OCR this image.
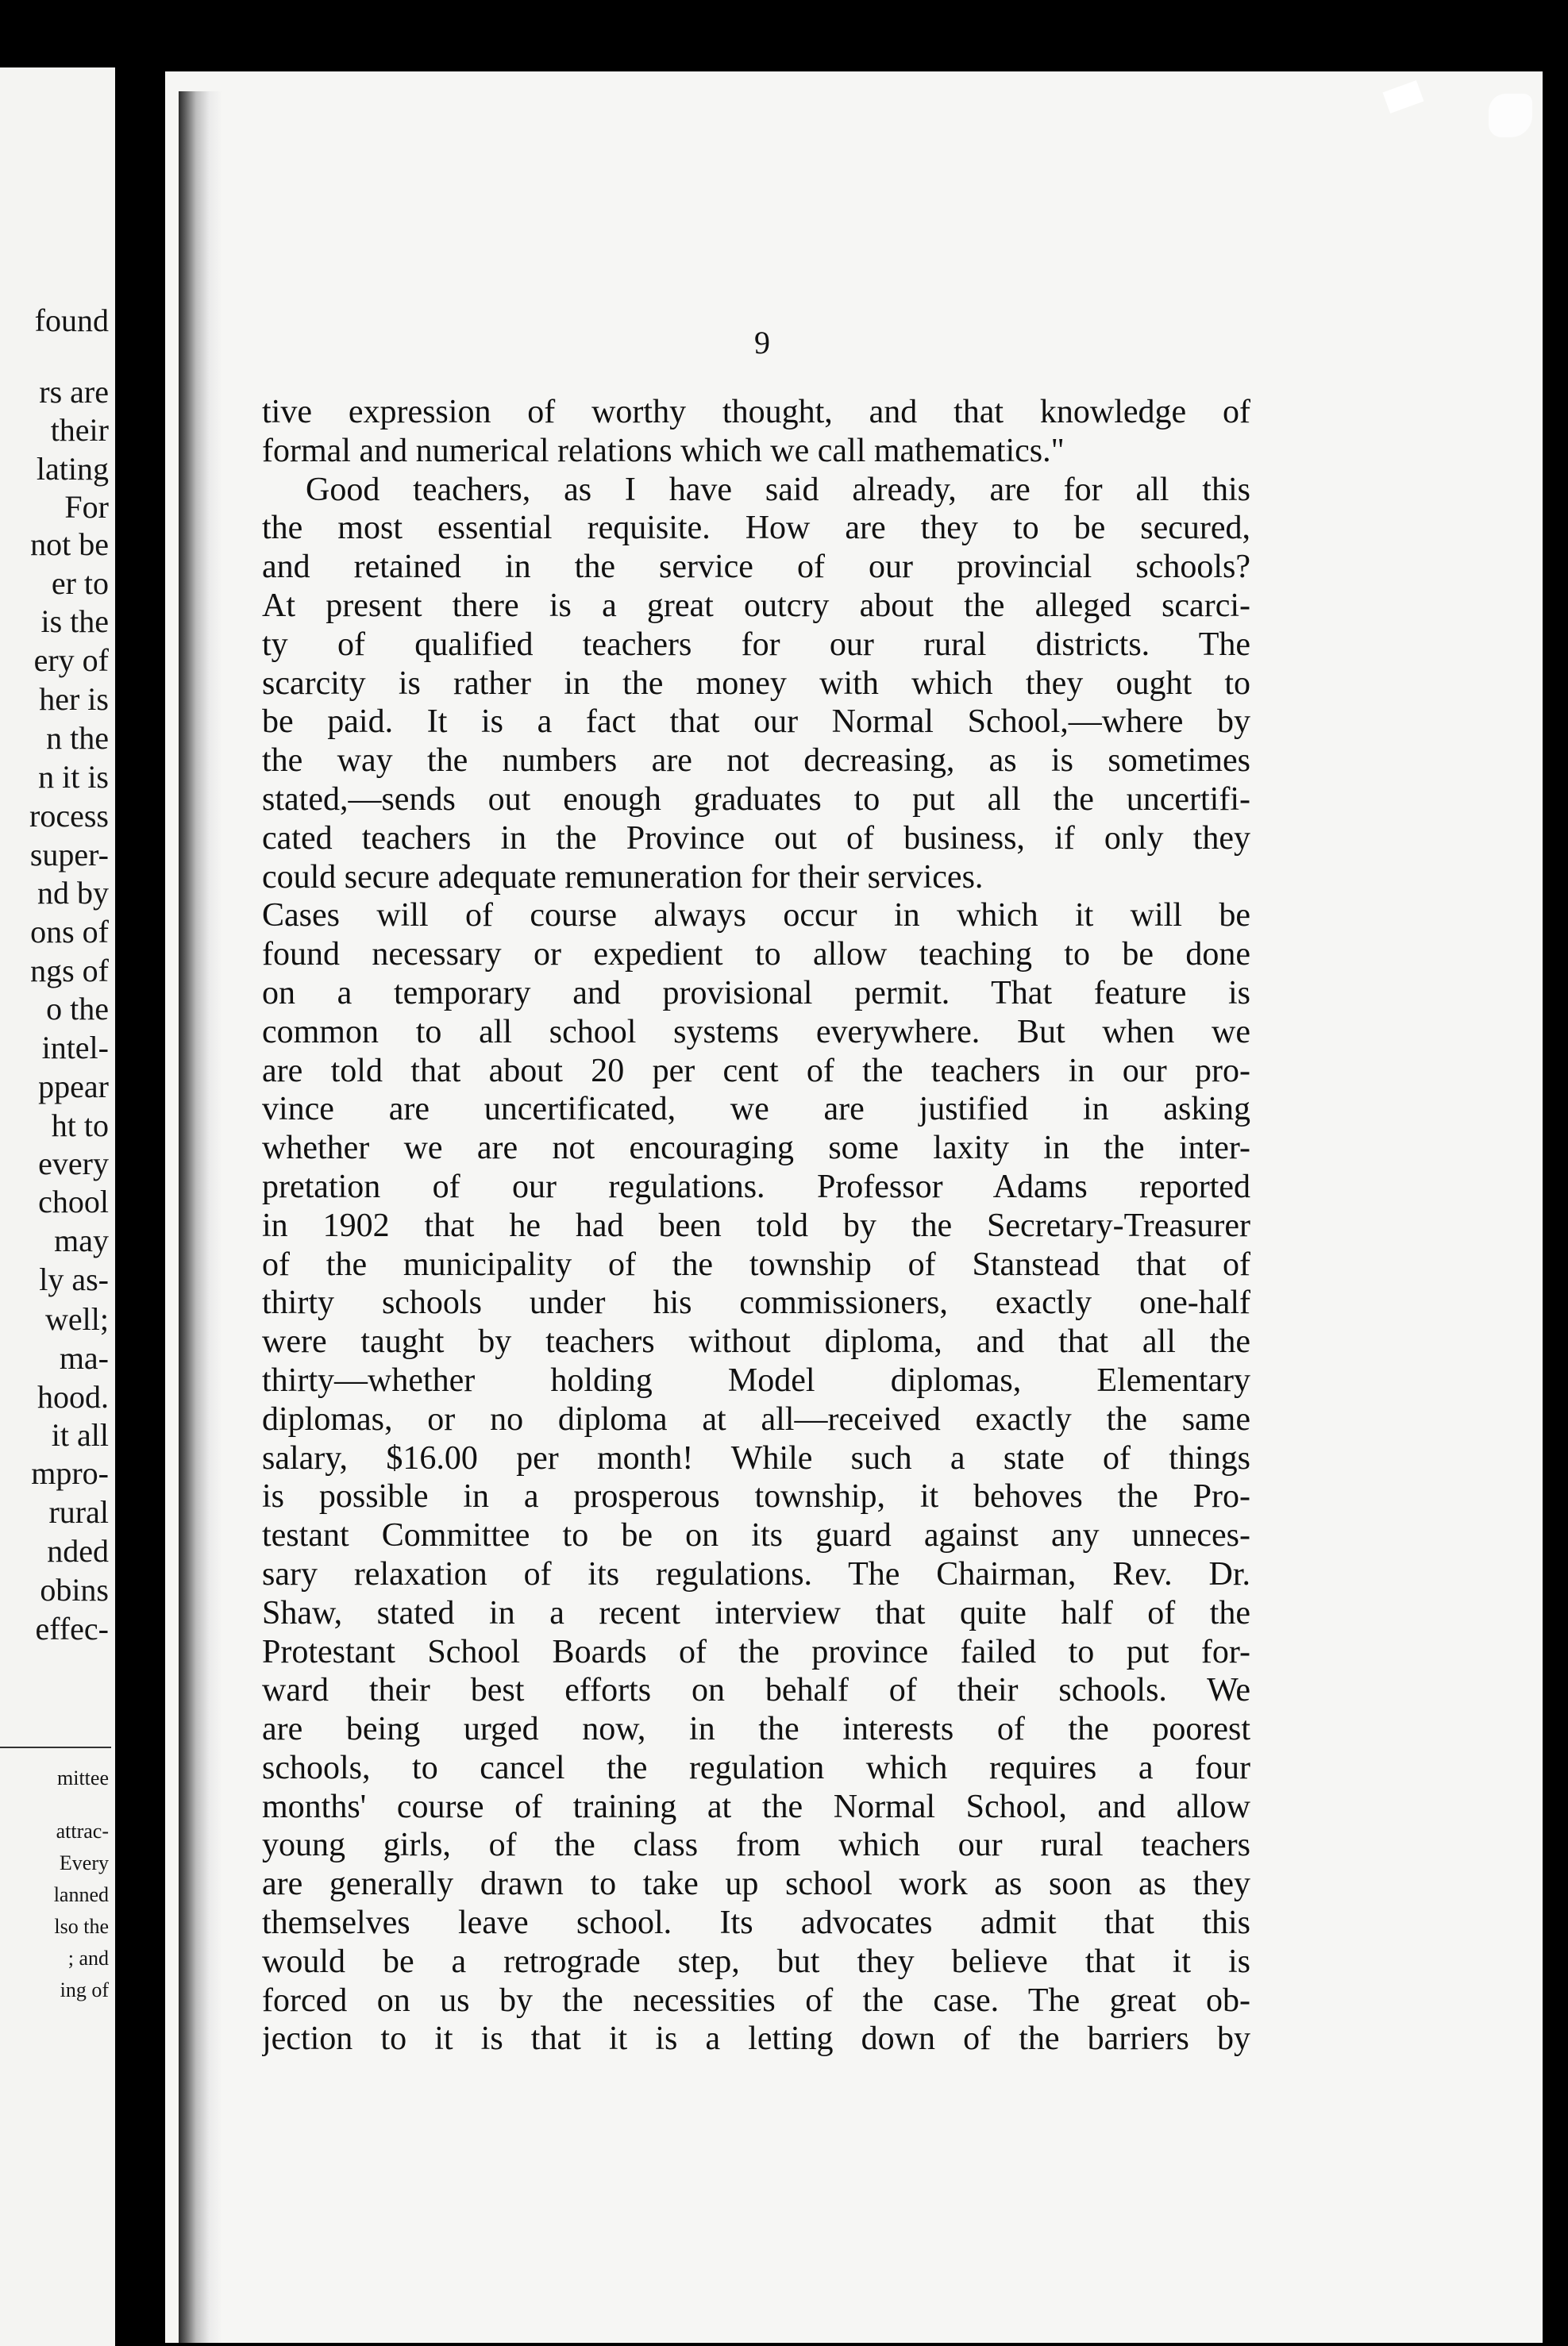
found
rs are
their
lating
For
not be
er to
is the
ery of
her is
n the
n it is
rocess
super-
nd by
ons of
ngs of
o the
intel-
ppear
ht to
every
chool
may
ly as-
well;
ma-
hood.
it all
mpro-
rural
nded
obins
effec-
mittee
attrac-
Every
lanned
lso the
; and
ing of
9
tive expression of worthy thought, and that knowledge of
formal and numerical relations which we call mathematics."
Good teachers, as I have said already, are for all this
the most essential requisite. How are they to be secured,
and retained in the service of our provincial schools?
At present there is a great outcry about the alleged scarci-
ty of qualified teachers for our rural districts. The
scarcity is rather in the money with which they ought to
be paid. It is a fact that our Normal School,—where by
the way the numbers are not decreasing, as is sometimes
stated,—sends out enough graduates to put all the uncertifi-
cated teachers in the Province out of business, if only they
could secure adequate remuneration for their services.
Cases will of course always occur in which it will be
found necessary or expedient to allow teaching to be done
on a temporary and provisional permit. That feature is
common to all school systems everywhere. But when we
are told that about 20 per cent of the teachers in our pro-
vince are uncertificated, we are justified in asking
whether we are not encouraging some laxity in the inter-
pretation of our regulations. Professor Adams reported
in 1902 that he had been told by the Secretary-Treasurer
of the municipality of the township of Stanstead that of
thirty schools under his commissioners, exactly one-half
were taught by teachers without diploma, and that all the
thirty—whether holding Model diplomas, Elementary
diplomas, or no diploma at all—received exactly the same
salary, $16.00 per month! While such a state of things
is possible in a prosperous township, it behoves the Pro-
testant Committee to be on its guard against any unneces-
sary relaxation of its regulations. The Chairman, Rev. Dr.
Shaw, stated in a recent interview that quite half of the
Protestant School Boards of the province failed to put for-
ward their best efforts on behalf of their schools. We
are being urged now, in the interests of the poorest
schools, to cancel the regulation which requires a four
months' course of training at the Normal School, and allow
young girls, of the class from which our rural teachers
are generally drawn to take up school work as soon as they
themselves leave school. Its advocates admit that this
would be a retrograde step, but they believe that it is
forced on us by the necessities of the case. The great ob-
jection to it is that it is a letting down of the barriers by
